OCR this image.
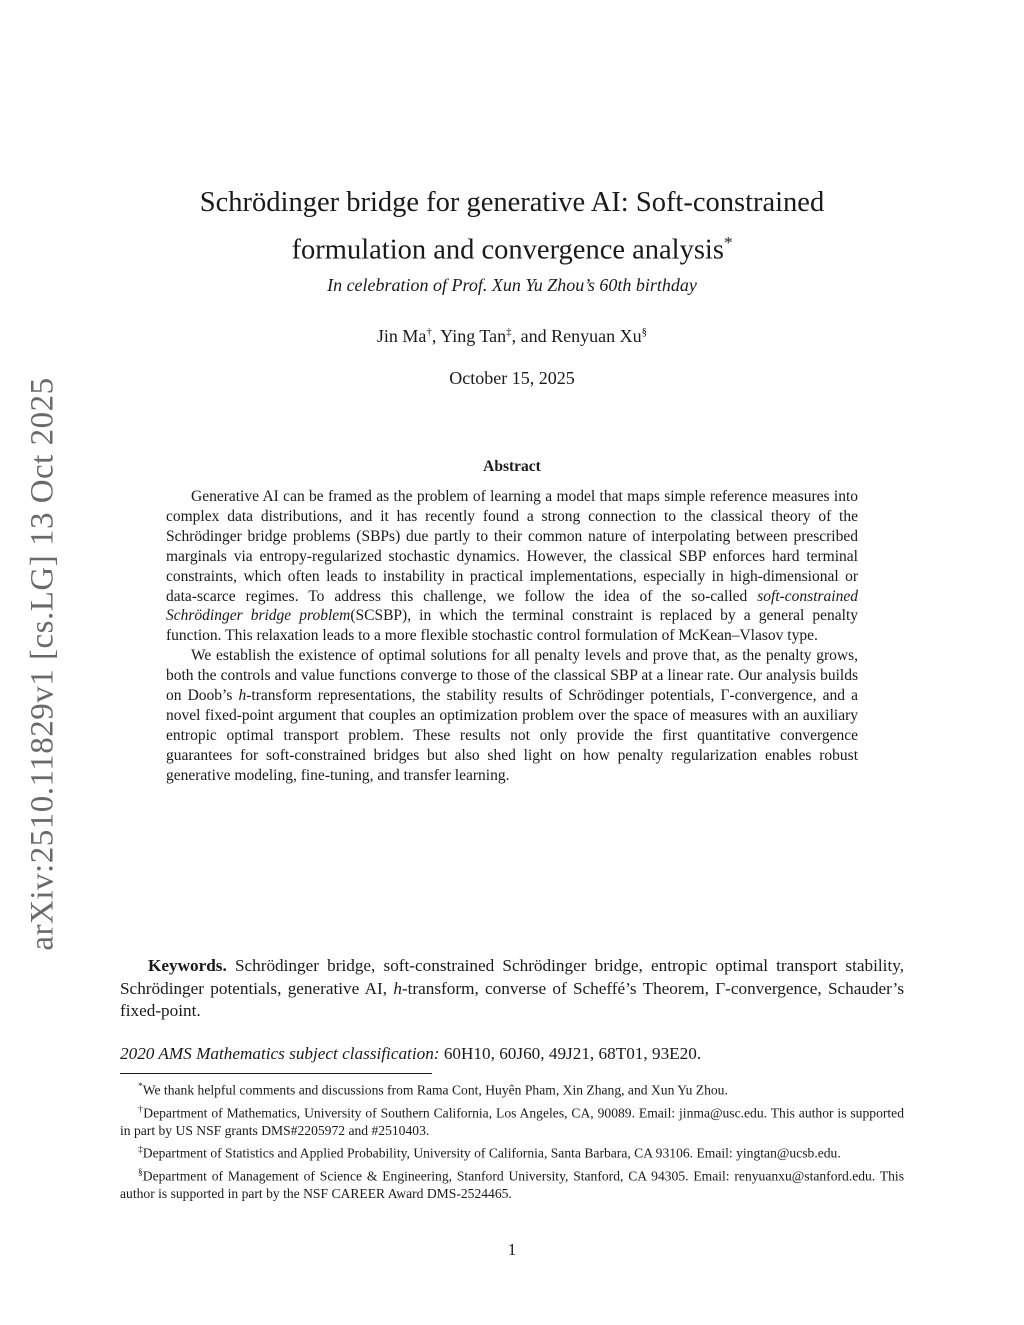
arXiv:2510.11829v1 [cs.LG] 13 Oct 2025
Schrödinger bridge for generative AI: Soft-constrained
formulation and convergence analysis*
In celebration of Prof. Xun Yu Zhou’s 60th birthday
Jin Ma†, Ying Tan‡, and Renyuan Xu§
October 15, 2025
Abstract

Generative AI can be framed as the problem of learning a model that maps simple reference measures into complex data distributions, and it has recently found a strong connection to the classical theory of the Schrödinger bridge problems (SBPs) due partly to their common nature of interpolating between prescribed marginals via entropy-regularized stochastic dynamics. However, the classical SBP enforces hard terminal constraints, which often leads to instability in practical implementations, especially in high-dimensional or data-scarce regimes. To address this challenge, we follow the idea of the so-called soft-constrained Schrödinger bridge problem(SCSBP), in which the terminal constraint is replaced by a general penalty function. This relaxation leads to a more flexible stochastic control formulation of McKean–Vlasov type.

We establish the existence of optimal solutions for all penalty levels and prove that, as the penalty grows, both the controls and value functions converge to those of the classical SBP at a linear rate. Our analysis builds on Doob’s h-transform representations, the stability results of Schrödinger potentials, Γ-convergence, and a novel fixed-point argument that couples an optimization problem over the space of measures with an auxiliary entropic optimal transport problem. These results not only provide the first quantitative convergence guarantees for soft-constrained bridges but also shed light on how penalty regularization enables robust generative modeling, fine-tuning, and transfer learning.

Keywords. Schrödinger bridge, soft-constrained Schrödinger bridge, entropic optimal transport stability, Schrödinger potentials, generative AI, h-transform, converse of Scheffé’s Theorem, Γ-convergence, Schauder’s fixed-point.

2020 AMS Mathematics subject classification: 60H10, 60J60, 49J21, 68T01, 93E20.

*We thank helpful comments and discussions from Rama Cont, Huyên Pham, Xin Zhang, and Xun Yu Zhou.

†Department of Mathematics, University of Southern California, Los Angeles, CA, 90089. Email: jinma@usc.edu. This author is supported in part by US NSF grants DMS#2205972 and #2510403.

‡Department of Statistics and Applied Probability, University of California, Santa Barbara, CA 93106. Email: yingtan@ucsb.edu.

§Department of Management of Science & Engineering, Stanford University, Stanford, CA 94305. Email: renyuanxu@stanford.edu. This author is supported in part by the NSF CAREER Award DMS-2524465.

1
